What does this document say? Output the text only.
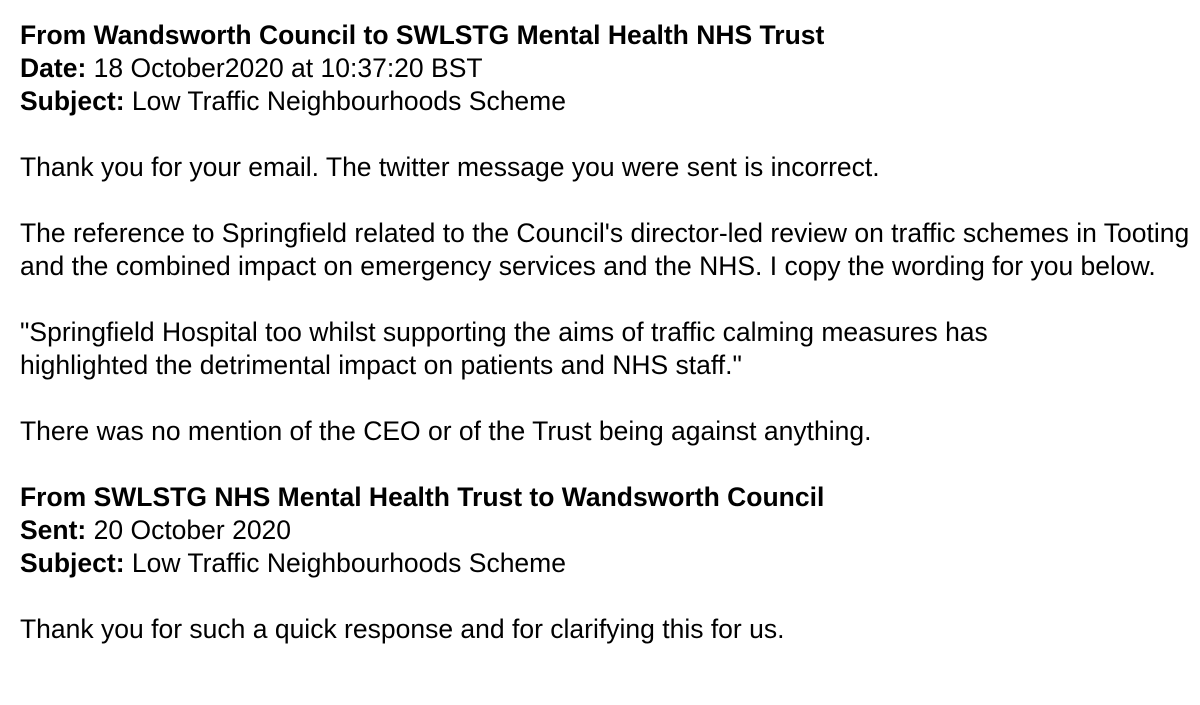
From Wandsworth Council to SWLSTG Mental Health NHS Trust
Date: 18 October2020 at 10:37:20 BST
Subject: Low Traffic Neighbourhoods Scheme
Thank you for your email. The twitter message you were sent is incorrect.
The reference to Springfield related to the Council's director-led review on traffic schemes in Tooting and the combined impact on emergency services and the NHS. I copy the wording for you below.
"Springfield Hospital too whilst supporting the aims of traffic calming measures has highlighted the detrimental impact on patients and NHS staff."
There was no mention of the CEO or of the Trust being against anything.
From SWLSTG NHS Mental Health Trust to Wandsworth Council
Sent: 20 October 2020
Subject: Low Traffic Neighbourhoods Scheme
Thank you for such a quick response and for clarifying this for us.
